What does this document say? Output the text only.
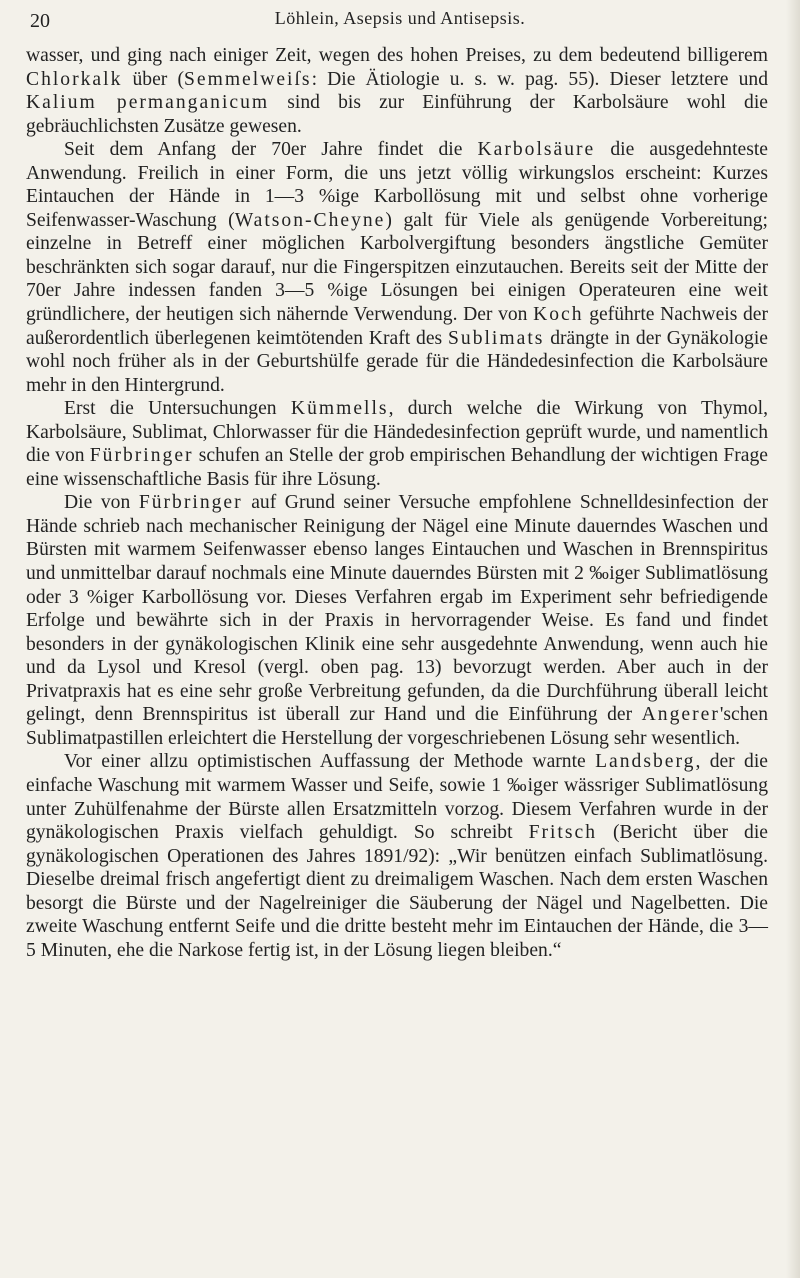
20	Löhlein, Asepsis und Antisepsis.

wasser, und ging nach einiger Zeit, wegen des hohen Preises, zu dem bedeutend billigerem Chlorkalk über (Semmelweiſs: Die Ätiologie u. s. w. pag. 55). Dieser letztere und Kalium permanganicum sind bis zur Einführung der Karbolsäure wohl die gebräuchlichsten Zusätze gewesen.

Seit dem Anfang der 70er Jahre findet die Karbolsäure die ausgedehnteste Anwendung. Freilich in einer Form, die uns jetzt völlig wirkungslos erscheint: Kurzes Eintauchen der Hände in 1—3 %ige Karbollösung mit und selbst ohne vorherige Seifenwasser-Waschung (Watson-Cheyne) galt für Viele als genügende Vorbereitung; einzelne in Betreff einer möglichen Karbolvergiftung besonders ängstliche Gemüter beschränkten sich sogar darauf, nur die Fingerspitzen einzutauchen. Bereits seit der Mitte der 70er Jahre indessen fanden 3—5 %ige Lösungen bei einigen Operateuren eine weit gründlichere, der heutigen sich nähernde Verwendung. Der von Koch geführte Nachweis der außerordentlich überlegenen keimtötenden Kraft des Sublimats drängte in der Gynäkologie wohl noch früher als in der Geburtshülfe gerade für die Händedesinfection die Karbolsäure mehr in den Hintergrund.

Erst die Untersuchungen Kümmells, durch welche die Wirkung von Thymol, Karbolsäure, Sublimat, Chlorwasser für die Händedesinfection geprüft wurde, und namentlich die von Fürbringer schufen an Stelle der grob empirischen Behandlung der wichtigen Frage eine wissenschaftliche Basis für ihre Lösung.

Die von Fürbringer auf Grund seiner Versuche empfohlene Schnelldesinfection der Hände schrieb nach mechanischer Reinigung der Nägel eine Minute dauerndes Waschen und Bürsten mit warmem Seifenwasser ebenso langes Eintauchen und Waschen in Brennspiritus und unmittelbar darauf nochmals eine Minute dauerndes Bürsten mit 2 ‰iger Sublimatlösung oder 3 %iger Karbollösung vor. Dieses Verfahren ergab im Experiment sehr befriedigende Erfolge und bewährte sich in der Praxis in hervorragender Weise. Es fand und findet besonders in der gynäkologischen Klinik eine sehr ausgedehnte Anwendung, wenn auch hie und da Lysol und Kresol (vergl. oben pag. 13) bevorzugt werden. Aber auch in der Privatpraxis hat es eine sehr große Verbreitung gefunden, da die Durchführung überall leicht gelingt, denn Brennspiritus ist überall zur Hand und die Einführung der Angerer'schen Sublimatpastillen erleichtert die Herstellung der vorgeschriebenen Lösung sehr wesentlich.

Vor einer allzu optimistischen Auffassung der Methode warnte Landsberg, der die einfache Waschung mit warmem Wasser und Seife, sowie 1 ‰iger wässriger Sublimatlösung unter Zuhülfenahme der Bürste allen Ersatzmitteln vorzog. Diesem Verfahren wurde in der gynäkologischen Praxis vielfach gehuldigt. So schreibt Fritsch (Bericht über die gynäkologischen Operationen des Jahres 1891/92): „Wir benützen einfach Sublimatlösung. Dieselbe dreimal frisch angefertigt dient zu dreimaligem Waschen. Nach dem ersten Waschen besorgt die Bürste und der Nagelreiniger die Säuberung der Nägel und Nagelbetten. Die zweite Waschung entfernt Seife und die dritte besteht mehr im Eintauchen der Hände, die 3—5 Minuten, ehe die Narkose fertig ist, in der Lösung liegen bleiben.“
